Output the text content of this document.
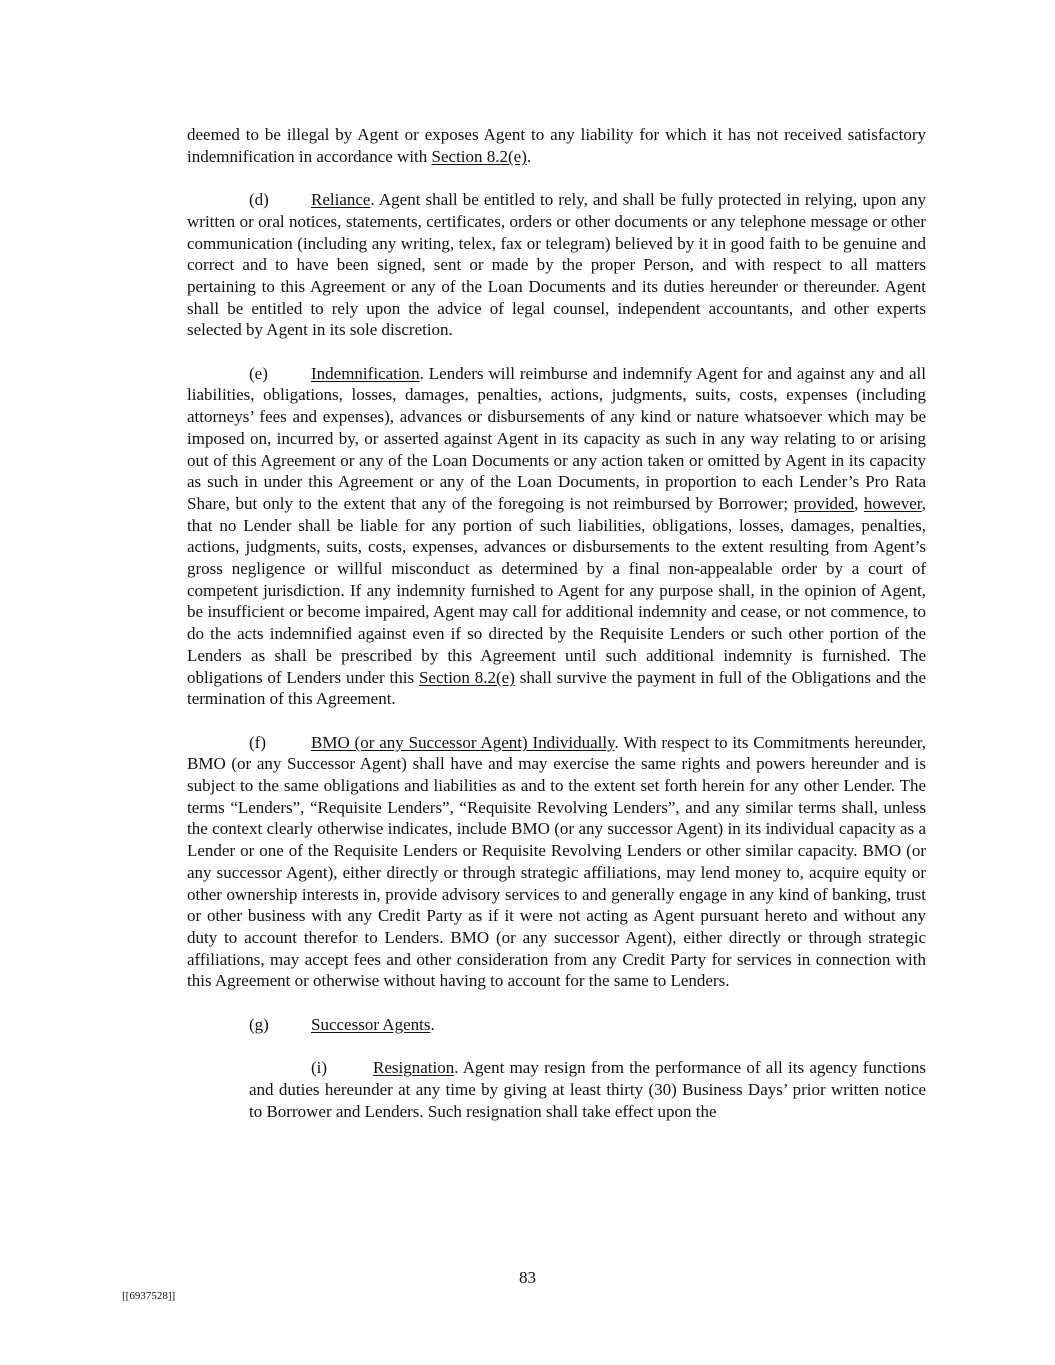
deemed to be illegal by Agent or exposes Agent to any liability for which it has not received satisfactory indemnification in accordance with Section 8.2(e).

(d) Reliance. Agent shall be entitled to rely, and shall be fully protected in relying, upon any written or oral notices, statements, certificates, orders or other documents or any telephone message or other communication (including any writing, telex, fax or telegram) believed by it in good faith to be genuine and correct and to have been signed, sent or made by the proper Person, and with respect to all matters pertaining to this Agreement or any of the Loan Documents and its duties hereunder or thereunder. Agent shall be entitled to rely upon the advice of legal counsel, independent accountants, and other experts selected by Agent in its sole discretion.

(e)	Indemnification. Lenders will reimburse and indemnify Agent for and against any and all liabilities, obligations, losses, damages, penalties, actions, judgments, suits, costs, expenses (including attorneys’ fees and expenses), advances or disbursements of any kind or nature whatsoever which may be imposed on, incurred by, or asserted against Agent in its capacity as such in any way relating to or arising out of this Agreement or any of the Loan Documents or any action taken or omitted by Agent in its capacity as such in under this Agreement or any of the Loan Documents, in proportion to each Lender’s Pro Rata Share, but only to the extent that any of the foregoing is not reimbursed by Borrower; provided, however, that no Lender shall be liable for any portion of such liabilities, obligations, losses, damages, penalties, actions, judgments, suits, costs, expenses, advances or disbursements to the extent resulting from Agent’s gross negligence or willful misconduct as determined by a final non-appealable order by a court of competent jurisdiction. If any indemnity furnished to Agent for any purpose shall, in the opinion of Agent, be insufficient or become impaired, Agent may call for additional indemnity and cease, or not commence, to do the acts indemnified against even if so directed by the Requisite Lenders or such other portion of the Lenders as shall be prescribed by this Agreement until such additional indemnity is furnished. The obligations of Lenders under this Section 8.2(e) shall survive the payment in full of the Obligations and the termination of this Agreement.

(f)	BMO (or any Successor Agent) Individually. With respect to its Commitments hereunder, BMO (or any Successor Agent) shall have and may exercise the same rights and powers hereunder and is subject to the same obligations and liabilities as and to the extent set forth herein for any other Lender. The terms “Lenders”, “Requisite Lenders”, “Requisite Revolving Lenders”, and any similar terms shall, unless the context clearly otherwise indicates, include BMO (or any successor Agent) in its individual capacity as a Lender or one of the Requisite Lenders or Requisite Revolving Lenders or other similar capacity. BMO (or any successor Agent), either directly or through strategic affiliations, may lend money to, acquire equity or other ownership interests in, provide advisory services to and generally engage in any kind of banking, trust or other business with any Credit Party as if it were not acting as Agent pursuant hereto and without any duty to account therefor to Lenders. BMO (or any successor Agent), either directly or through strategic affiliations, may accept fees and other consideration from any Credit Party for services in connection with this Agreement or otherwise without having to account for the same to Lenders.

(g) Successor Agents.

(i)	Resignation. Agent may resign from the performance of all its agency functions and duties hereunder at any time by giving at least thirty (30) Business Days’ prior written notice to Borrower and Lenders. Such resignation shall take effect upon the

83
[[6937528]]
